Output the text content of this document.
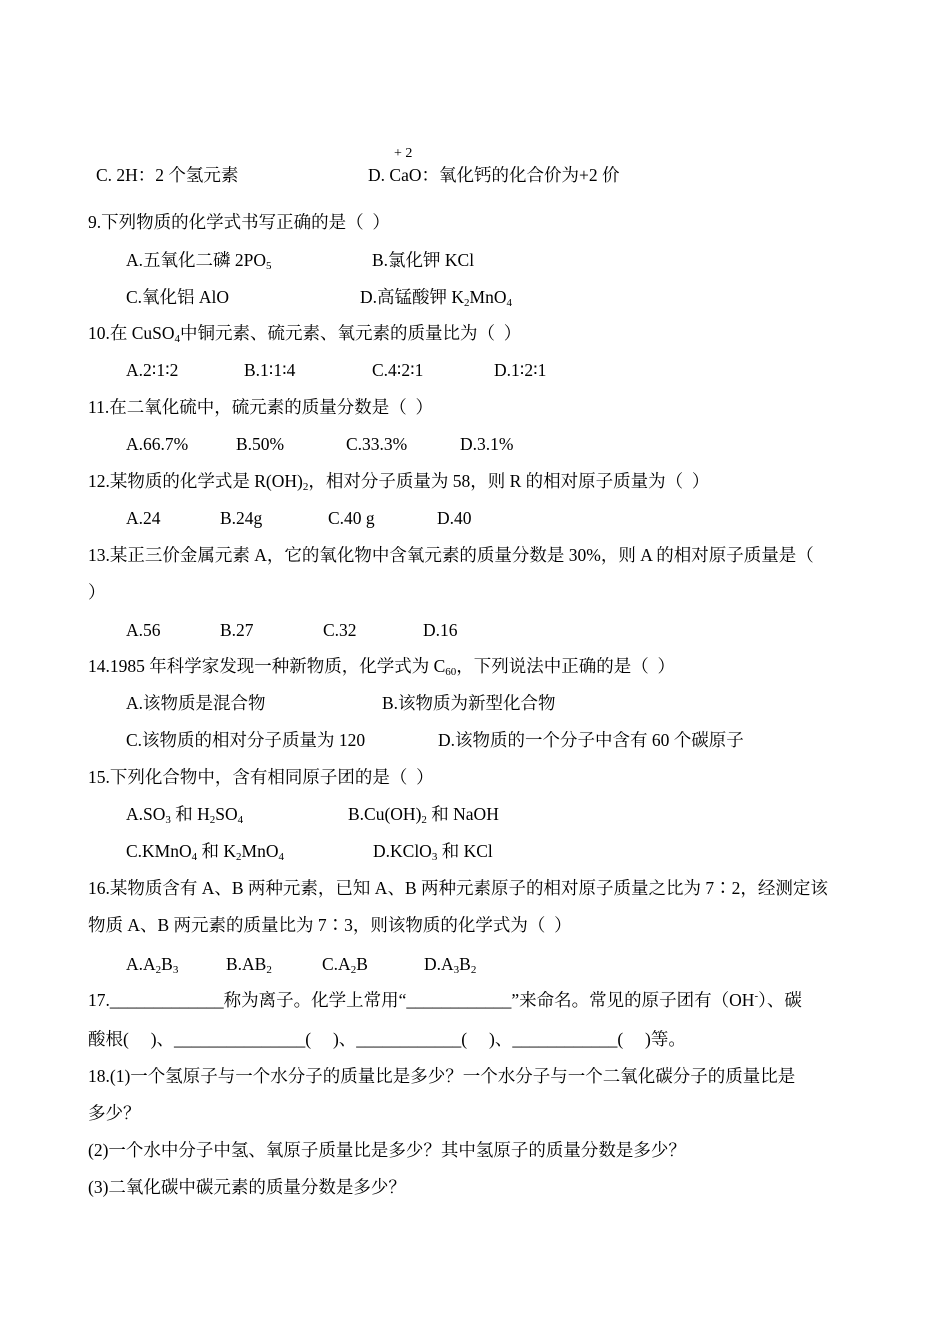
C. 2H：2 个氢元素
+ 2
D. CaO：氧化钙的化合价为+2 价
9.下列物质的化学式书写正确的是（  ）

A.五氧化二磷 $2PO_5$

	B.氯化钾 KCl

C.氧化铝 AlO

	D.高锰酸钾 $K_2MnO_4$

10.在 CuSO$_4$中铜元素、硫元素、氧元素的质量比为（  ）

A.2∶1∶2

	B.1∶1∶4

	C.4∶2∶1

	D.1∶2∶1

11.在二氧化硫中，硫元素的质量分数是（  ）

A.66.7%

	B.50%

	C.33.3%

	D.3.1%

12.某物质的化学式是 $R(OH)_2$，相对分子质量为 58，则 R 的相对原子质量为（  ）

A.24

	B.24g

	C.40 g

	D.40

13.某正三价金属元素 A，它的氧化物中含氧元素的质量分数是 30%，则 A 的相对原子质量是（
）

A.56

	B.27

	C.32

	D.16

14.1985 年科学家发现一种新物质，化学式为 $C_{60}$，下列说法中正确的是（  ）

A.该物质是混合物

	B.该物质为新型化合物

C.该物质的相对分子质量为 120

	D.该物质的一个分子中含有 60 个碳原子

15.下列化合物中，含有相同原子团的是（  ）

$A.SO_3$ 和 $H_2SO_4$

	$B.Cu(OH)_2$ 和 NaOH

C.KMnO$_4$ 和 $K_2MnO_4$

	D.KClO$_3$ 和 KCl

16.某物质含有 A、B 两种元素，已知 A、B 两种元素原子的相对原子质量之比为 7∶2，经测定该
物质 A、B 两元素的质量比为 7∶3，则该物质的化学式为（  ）

$A.A_2B_3$

	$B.AB_2$

	$C.A_2B$

	$D.A_3B_2$

17._____________称为离子。化学上常用“____________”来命名。常见的原子团有（OH-）、碳
酸根(     )、_______________(     )、____________(     )、____________(     )等。
18.(1)一个氢原子与一个水分子的质量比是多少？一个水分子与一个二氧化碳分子的质量比是
多少？
(2)一个水中分子中氢、氧原子质量比是多少？其中氢原子的质量分数是多少？
(3)二氧化碳中碳元素的质量分数是多少？
